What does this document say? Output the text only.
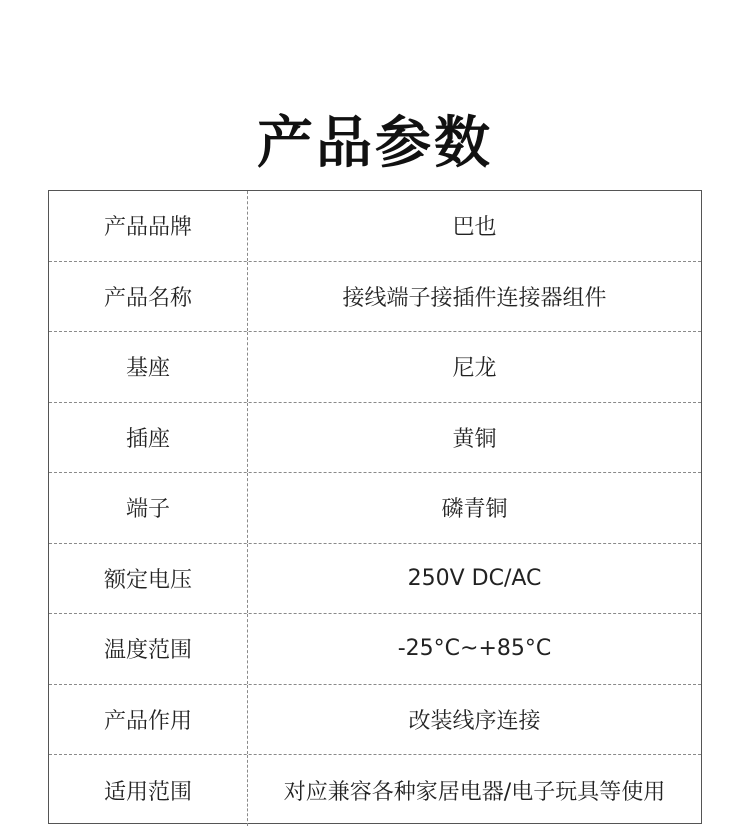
产品参数
产品品牌	巴也
产品名称	接线端子接插件连接器组件
基座	尼龙
插座	黄铜
端子	磷青铜
额定电压	250V DC/AC
温度范围	-25°C~+85°C
产品作用	改装线序连接
适用范围	对应兼容各种家居电器/电子玩具等使用
